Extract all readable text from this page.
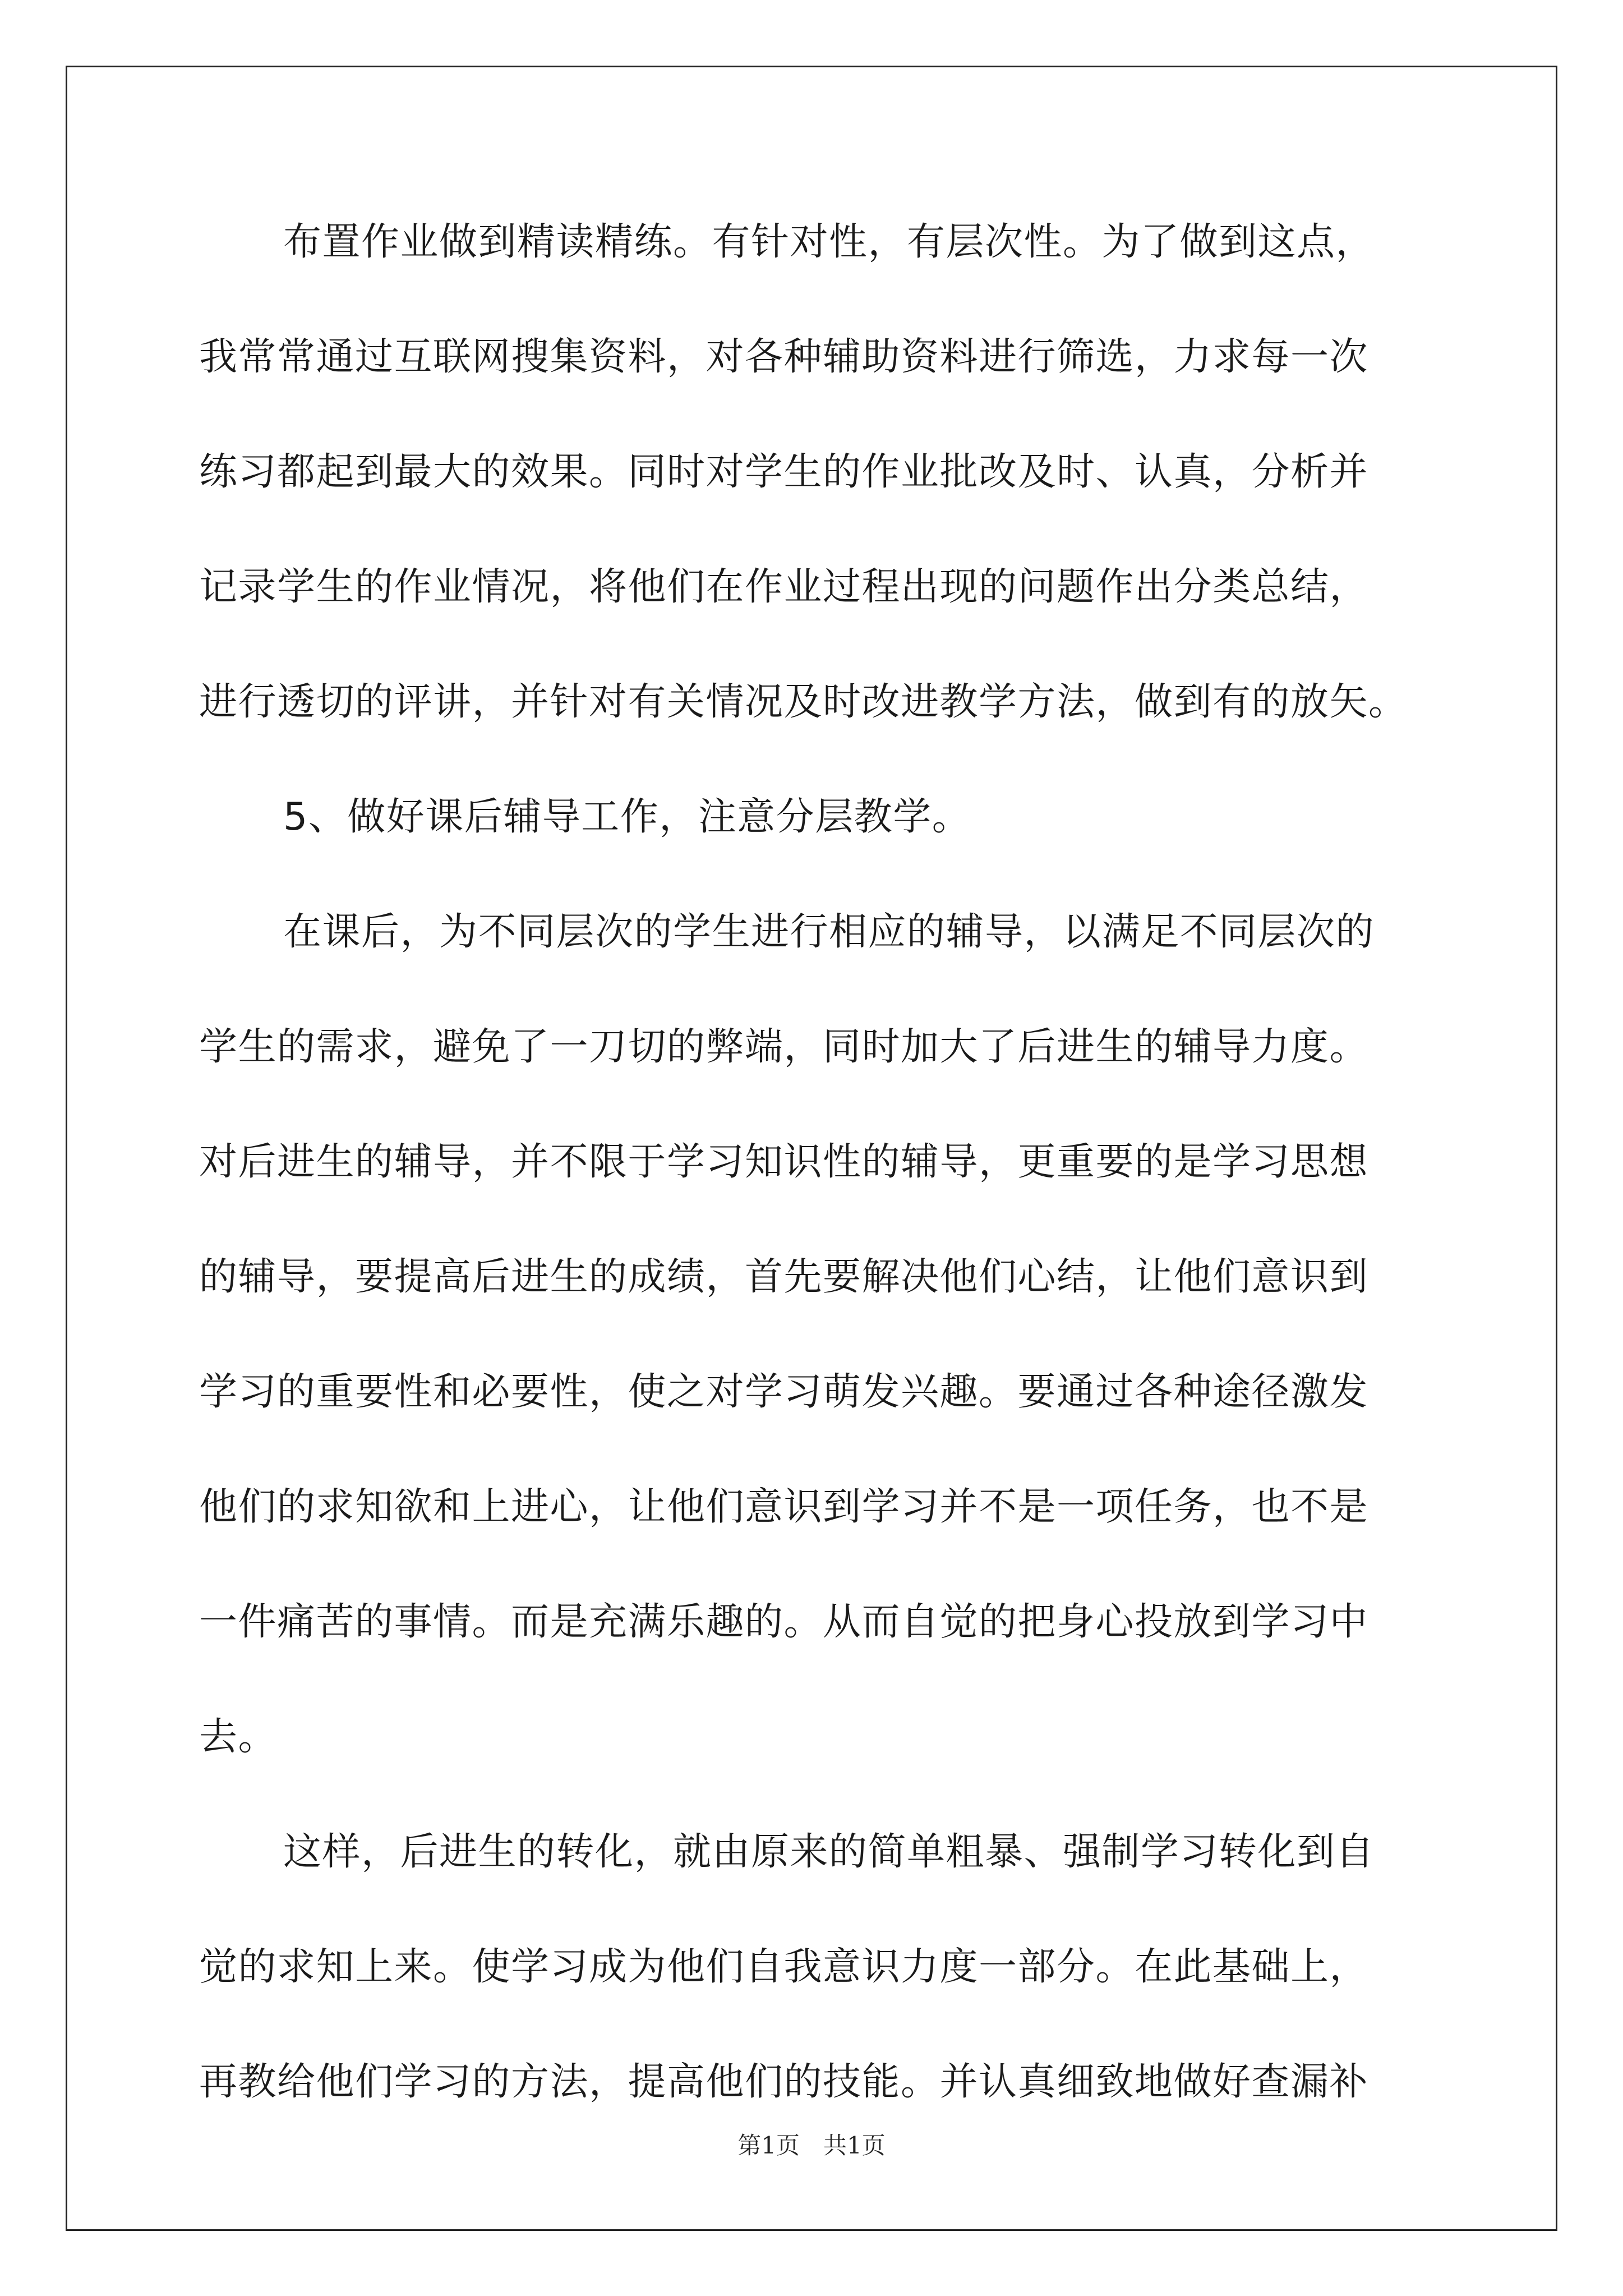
布置作业做到精读精练。有针对性，有层次性。为了做到这点，
我常常通过互联网搜集资料，对各种辅助资料进行筛选，力求每一次
练习都起到最大的效果。同时对学生的作业批改及时、认真，分析并
记录学生的作业情况，将他们在作业过程出现的问题作出分类总结，
进行透切的评讲，并针对有关情况及时改进教学方法，做到有的放矢。
5、做好课后辅导工作，注意分层教学。
在课后，为不同层次的学生进行相应的辅导，以满足不同层次的
学生的需求，避免了一刀切的弊端，同时加大了后进生的辅导力度。
对后进生的辅导，并不限于学习知识性的辅导，更重要的是学习思想
的辅导，要提高后进生的成绩，首先要解决他们心结，让他们意识到
学习的重要性和必要性，使之对学习萌发兴趣。要通过各种途径激发
他们的求知欲和上进心，让他们意识到学习并不是一项任务，也不是
一件痛苦的事情。而是充满乐趣的。从而自觉的把身心投放到学习中
去。
这样，后进生的转化，就由原来的简单粗暴、强制学习转化到自
觉的求知上来。使学习成为他们自我意识力度一部分。在此基础上，
再教给他们学习的方法，提高他们的技能。并认真细致地做好查漏补
第1页　共1页
